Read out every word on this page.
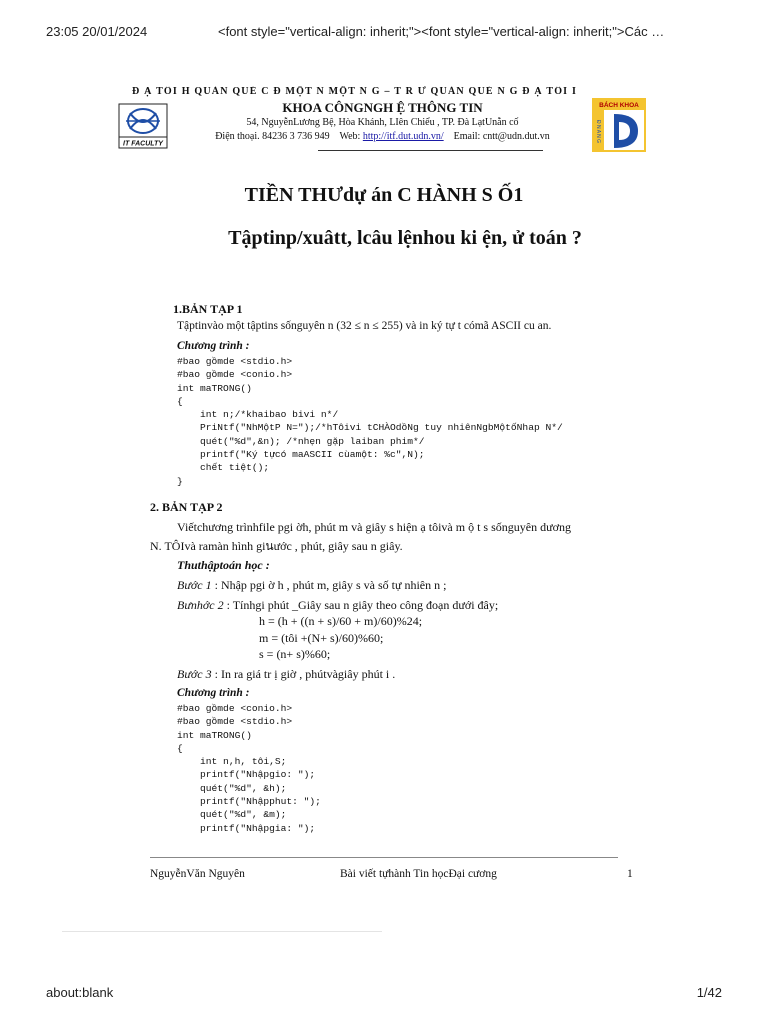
23:05 20/01/2024	<font style="vertical-align: inherit;"><font style="vertical-align: inherit;">Các …
Đ Ạ TÔI H QUẢN QUẺ C Đ MỘT N MỘT N G – T R Ư QUẢN QUẺ N G Đ Ạ TÔI I
IT FACULTY
KHOA CÔNGNGH Ệ THÔNG TIN
54, NguyễnLương Bệ, Hòa Khánh, LIên Chiểu , TP. Đà LạtUnẵn cố
Điện thoại. 84236 3 736 949 Web: http://itf.dut.udn.vn/ Email: cntt@udn.dut.vn
BÁCH KHOA
Đ N A N G
TIỀN THƯdự án C HÀNH S Ố1
Tậptinp/xuâtt, lcâu lệnhou ki ện, ử toán ?
1.BẢN TẠP 1
Tậptinvào một tậptins sốnguyên n (32 ≤ n ≤ 255) và in ký tự t cómã ASCII cu an.
Chương trình :
#bao gồmde <stdio.h>
#bao gồmde <conio.h>
int maTRONG()
{
int n;/*khaibao bivi n*/
PriNtf("NhMộtP N=");/*hTôivi tCHÀOdồNg tuy nhiênNgbMộtốNhap N*/
quét("%d",&n); /*nhẹn gặp laiban phim*/
printf("Ký tựcó maASCII cùamột: %c",N);
chết tiệt();
}
2. BẢN TẠP 2
Viếtchương trìnhfile pgi ờh, phút m và giây s hiện ạ tôivà m ộ t s sốnguyên dương
N. TÔIvà ramàn hình giนước , phút, giây sau n giây.
Thuthậptoán học :
Bước 1 : Nhập pgi ờ h , phút m, giây s và số tự nhiên n ;
Bưnhớc 2 : Tínhgi phút _Giây sau n giây theo công đoạn dưới đây;
h = (h + ((n + s)/60 + m)/60)%24;
m = (tôi +(N+ s)/60)%60;
s = (n+ s)%60;
Bước 3 : In ra giá tr ị giờ , phútvàgiây phút i .
Chương trình :
#bao gồmde <conio.h>
#bao gồmde <stdio.h>
int maTRONG()
{
int n,h, tôi,S;
printf("Nhậpgio: ");
quét("%d", &h);
printf("Nhậpphut: ");
quét("%d", &m);
printf("Nhậpgia: ");
NguyễnVăn Nguyên	Bài viết tựhành Tin họcĐại cương	1
about:blank	1/42
